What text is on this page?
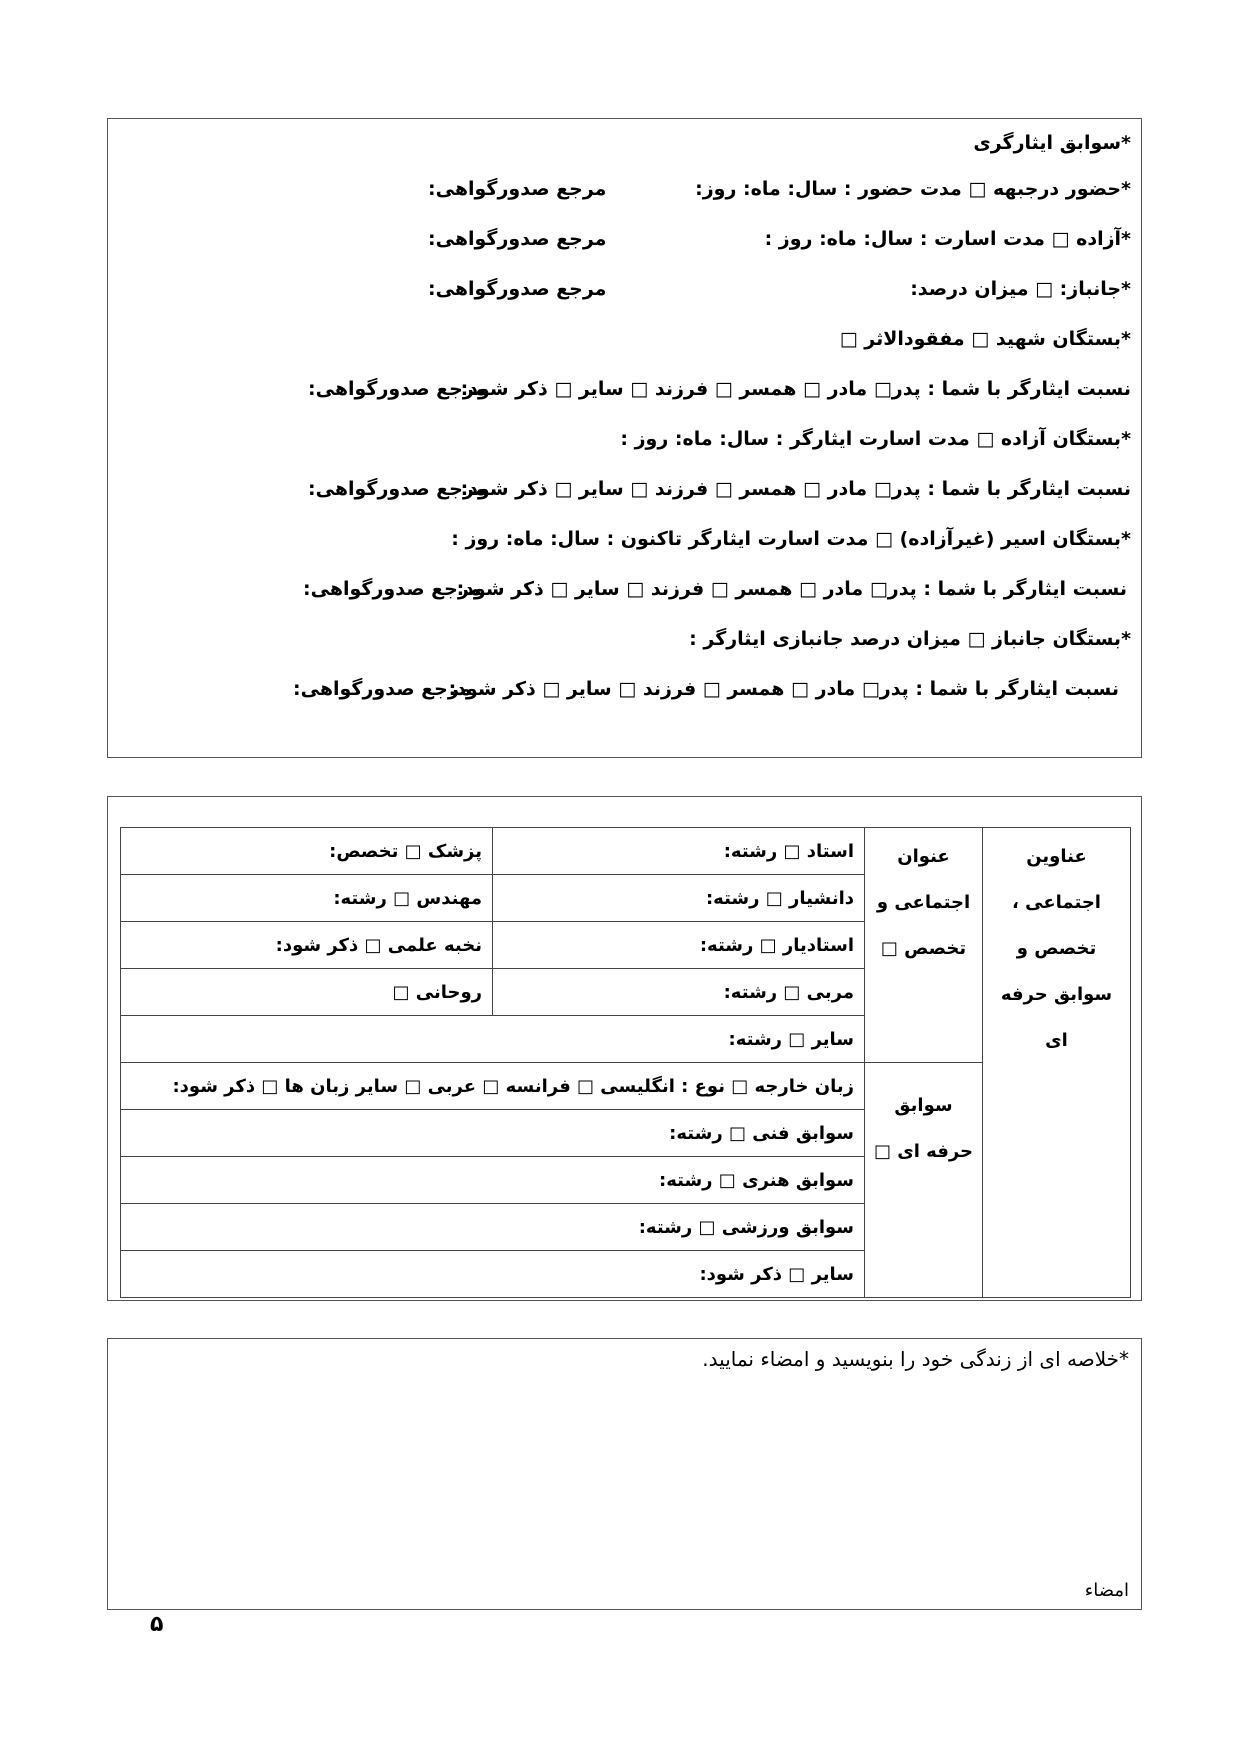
*سوابق ایثارگری
*حضور درجبهه □ مدت حضور : سال: ماه: روز:
مرجع صدورگواهی:
*آزاده □ مدت اسارت : سال: ماه: روز :
مرجع صدورگواهی:
*جانباز: □ میزان درصد:
مرجع صدورگواهی:
*بستگان شهید □ مفقودالاثر □
نسبت ایثارگر با شما : پدر□ مادر □ همسر □ فرزند □ سایر □ ذکر شود:
مرجع صدورگواهی:
*بستگان آزاده □ مدت اسارت ایثارگر : سال: ماه: روز :
نسبت ایثارگر با شما : پدر□ مادر □ همسر □ فرزند □ سایر □ ذکر شود:
مرجع صدورگواهی:
*بستگان اسیر (غیرآزاده) □ مدت اسارت ایثارگر تاکنون : سال: ماه: روز :
نسبت ایثارگر با شما : پدر□ مادر □ همسر □ فرزند □ سایر □ ذکر شود:
مرجع صدورگواهی:
*بستگان جانباز □ میزان درصد جانبازی ایثارگر :
نسبت ایثارگر با شما : پدر□ مادر □ همسر □ فرزند □ سایر □ ذکر شود:
مرجع صدورگواهی:
عناوین اجتماعی ، تخصص و سوابق حرفه ای	عنوان اجتماعی و تخصص □	استاد □ رشته:	پزشک □ تخصص:
		دانشیار □ رشته:	مهندس □ رشته:
		استادیار □ رشته:	نخبه علمی □ ذکر شود:
		مربی □ رشته:	روحانی □
		سایر □ رشته:	
	سوابق حرفه ای □	زبان خارجه □ نوع : انگلیسی □ فرانسه □ عربی □ سایر زبان ها □ ذکر شود:	
		سوابق فنی □ رشته:	
		سوابق هنری □ رشته:	
		سوابق ورزشی □ رشته:	
		سایر □ ذکر شود:	
*خلاصه ای از زندگی خود را بنویسید و امضاء نمایید.
امضاء
۵
